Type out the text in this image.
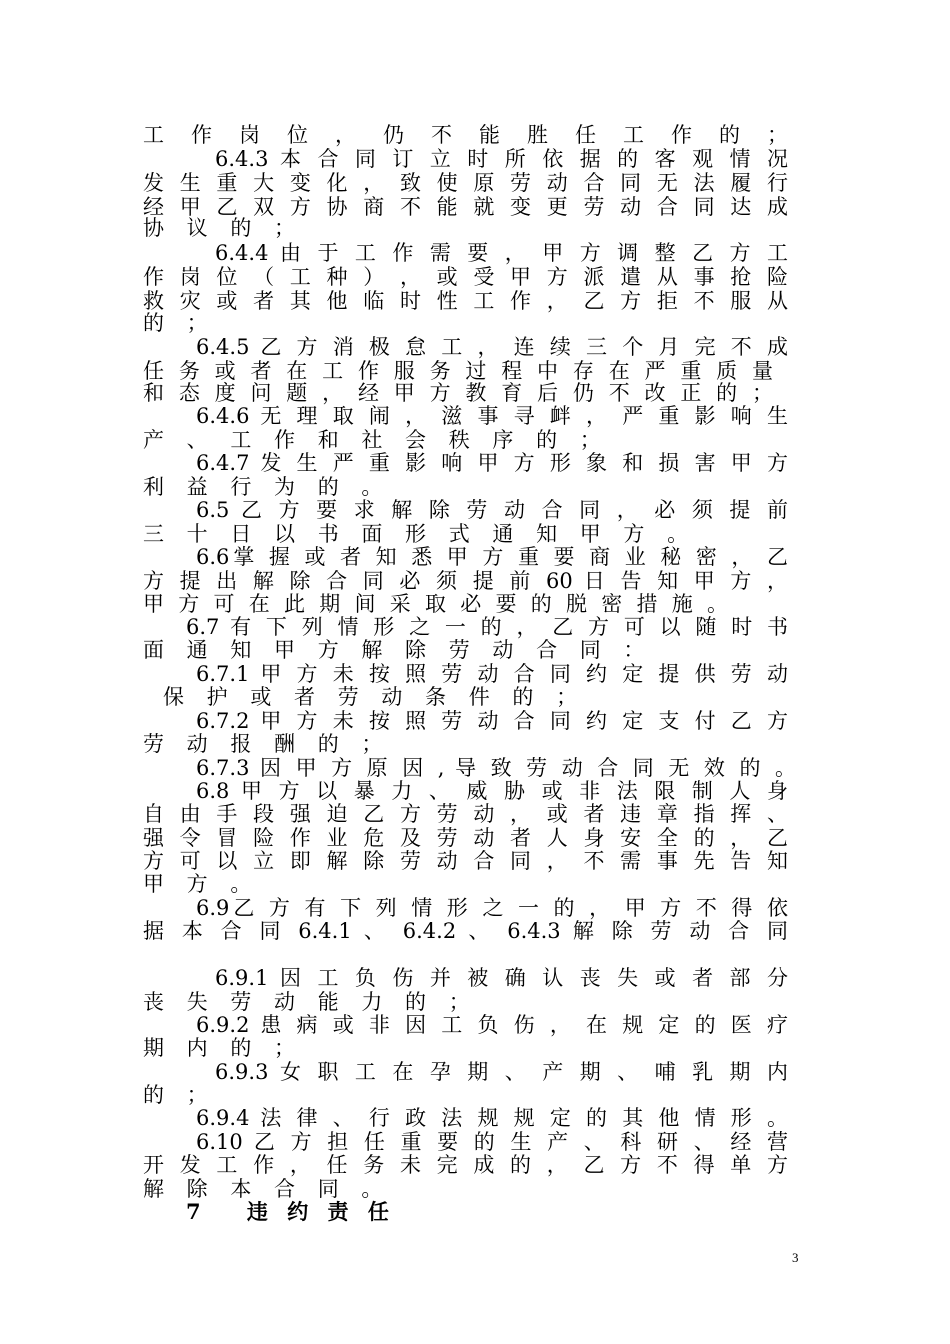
工 作 岗 位 ， 仍 不 能 胜 任 工 作 的 ；
6.4.3 本 合 同 订 立 时 所 依 据 的 客 观 情 况
发 生 重 大 变 化 ， 致 使 原 劳 动 合 同 无 法 履 行
经 甲 乙 双 方 协 商 不 能 就 变 更 劳 动 合 同 达 成
协 议 的 ；
6.4.4 由 于 工 作 需 要 ， 甲 方 调 整 乙 方 工
作 岗 位 （ 工 种 ） ， 或 受 甲 方 派 遣 从 事 抢 险
救 灾 或 者 其 他 临 时 性 工 作 ， 乙 方 拒 不 服 从
的 ；
6.4.5 乙 方 消 极 怠 工 ， 连 续 三 个 月 完 不 成
任 务 或 者 在 工 作 服 务 过 程 中 存 在 严 重 质 量
和 态 度 问 题 ， 经 甲 方 教 育 后 仍 不 改 正 的 ；
6.4.6 无 理 取 闹 ， 滋 事 寻 衅 ， 严 重 影 响 生
产 、 工 作 和 社 会 秩 序 的 ；
6.4.7 发 生 严 重 影 响 甲 方 形 象 和 损 害 甲 方
利 益 行 为 的 。
6.5 乙 方 要 求 解 除 劳 动 合 同 ， 必 须 提 前
三 十 日 以 书 面 形 式 通 知 甲 方 。
6.6掌 握 或 者 知 悉 甲 方 重 要 商 业 秘 密 ， 乙
方 提 出 解 除 合 同 必 须 提 前 60 日 告 知 甲 方 ，
甲 方 可 在 此 期 间 采 取 必 要 的 脱 密 措 施 。
6.7 有 下 列 情 形 之 一 的 ， 乙 方 可 以 随 时 书
面 通 知 甲 方 解 除 劳 动 合 同 ：
6.7.1 甲 方 未 按 照 劳 动 合 同 约 定 提 供 劳 动
保 护 或 者 劳 动 条 件 的 ；
6.7.2 甲 方 未 按 照 劳 动 合 同 约 定 支 付 乙 方
劳 动 报 酬 的 ；
6.7.3 因 甲 方 原 因 , 导 致 劳 动 合 同 无 效 的 。
6.8 甲 方 以 暴 力 、 威 胁 或 非 法 限 制 人 身
自 由 手 段 强 迫 乙 方 劳 动 ， 或 者 违 章 指 挥 、
强 令 冒 险 作 业 危 及 劳 动 者 人 身 安 全 的 ， 乙
方 可 以 立 即 解 除 劳 动 合 同 ， 不 需 事 先 告 知
甲 方 。
6.9乙 方 有 下 列 情 形 之 一 的 ， 甲 方 不 得 依
据 本 合 同 6.4.1 、 6.4.2 、 6.4.3 解 除 劳 动 合 同
6.9.1 因 工 负 伤 并 被 确 认 丧 失 或 者 部 分
丧 失 劳 动 能 力 的 ；
6.9.2 患 病 或 非 因 工 负 伤 ， 在 规 定 的 医 疗
期 内 的 ；
6.9.3 女 职 工 在 孕 期 、 产 期 、 哺 乳 期 内
的 ；
6.9.4 法 律 、 行 政 法 规 规 定 的 其 他 情 形 。
6.10 乙 方 担 任 重 要 的 生 产 、 科 研 、 经 营
开 发 工 作 ， 任 务 未 完 成 的 ， 乙 方 不 得 单 方
解 除 本 合 同 。
7　 违 约 责 任
3
